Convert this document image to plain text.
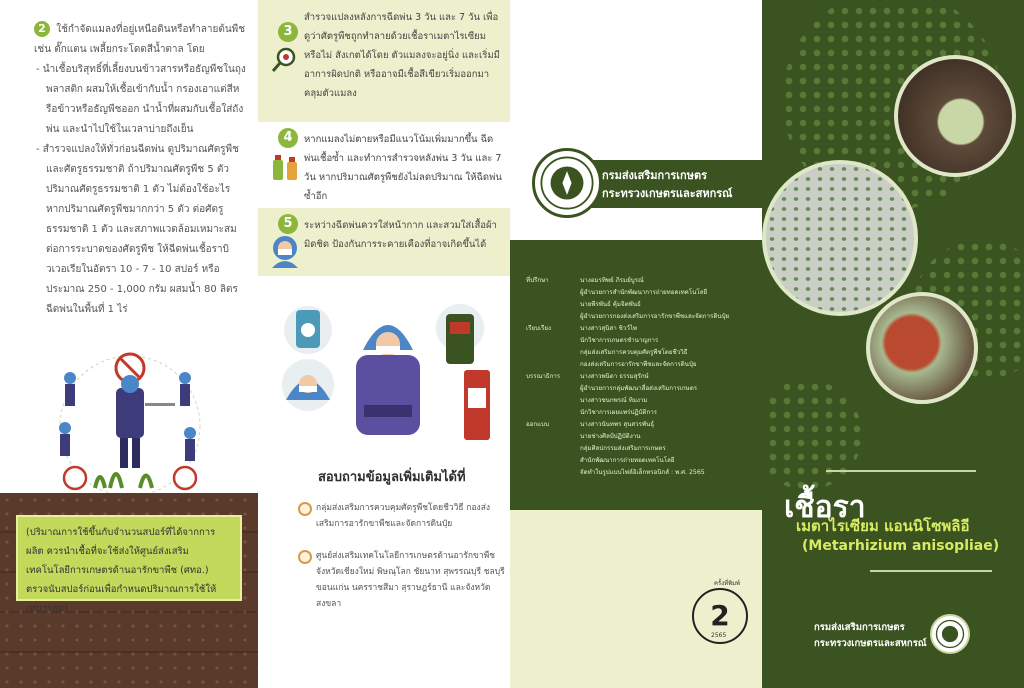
2 ใช้กำจัดแมลงที่อยู่เหนือดินหรือทำลายต้นพืช เช่น ตั๊กแตน เพลี้ยกระโดดสีน้ำตาล โดย
- นำเชื้อบริสุทธิ์ที่เลี้ยงบนข้าวสารหรือธัญพืชในถุงพลาสติก ผสมให้เชื้อเข้ากับน้ำ กรองเอาแต่สีหรือข้าวหรือธัญพืชออก นำน้ำที่ผสมกับเชื้อใส่ถังพ่น และนำไปใช้ในเวลาบ่ายถึงเย็น
- สำรวจแปลงให้ทั่วก่อนฉีดพ่น ดูปริมาณศัตรูพืช และศัตรูธรรมชาติ ถ้าปริมาณศัตรูพืช 5 ตัว ปริมาณศัตรูธรรมชาติ 1 ตัว ไม่ต้องใช้อะไร หากปริมาณศัตรูพืชมากกว่า 5 ตัว ต่อศัตรูธรรมชาติ 1 ตัว และสภาพแวดล้อมเหมาะสมต่อการระบาดของศัตรูพืช ให้ฉีดพ่นเชื้อราบิวเวอเรียในอัตรา 10 - 7 - 10 สปอร์ หรือประมาณ 250 - 1,000 กรัม ผสมน้ำ 80 ลิตร ฉีดพ่นในพื้นที่ 1 ไร่
(ปริมาณการใช้ขึ้นกับจำนวนสปอร์ที่ได้จากการผลิต ควรนำเชื้อที่จะใช้ส่งให้ศูนย์ส่งเสริมเทคโนโลยีการเกษตรด้านอารักขาพืช (ศทอ.) ตรวจนับสปอร์ก่อนเพื่อกำหนดปริมาณการใช้ให้เหมาะสม)
3
สำรวจแปลงหลังการฉีดพ่น 3 วัน และ 7 วัน เพื่อดูว่าศัตรูพืชถูกทำลายด้วยเชื้อราเมตาไรเซียมหรือไม่ สังเกตได้โดย ตัวแมลงจะอยู่นิ่ง และเริ่มมีอาการผิดปกติ หรืออาจมีเชื้อสีเขียวเริ่มออกมาคลุมตัวแมลง
4	หากแมลงไม่ตายหรือมีแนวโน้มเพิ่มมากขึ้น ฉีดพ่นเชื้อซ้ำ และทำการสำรวจหลังพ่น 3 วัน และ 7 วัน หากปริมาณศัตรูพืชยังไม่ลดปริมาณ ให้ฉีดพ่นซ้ำอีก
5	ระหว่างฉีดพ่นควรใส่หน้ากาก และสวมใส่เสื้อผ้ามิดชิด ป้องกันการระคายเคืองที่อาจเกิดขึ้นได้
สอบถามข้อมูลเพิ่มเติมได้ที่
กลุ่มส่งเสริมการควบคุมศัตรูพืชโดยชีววิธี กองส่งเสริมการอารักขาพืชและจัดการดินปุ๋ย
ศูนย์ส่งเสริมเทคโนโลยีการเกษตรด้านอารักขาพืช จังหวัดเชียงใหม่ พิษณุโลก ชัยนาท สุพรรณบุรี ชลบุรี ขอนแก่น นครราชสีมา สุราษฎร์ธานี และจังหวัดสงขลา
กรมส่งเสริมการเกษตร
กระทรวงเกษตรและสหกรณ์
ที่ปรึกษา	นางอมรทิพย์ ภิรมย์บูรณ์
ผู้อำนวยการสำนักพัฒนาการถ่ายทอดเทคโนโลยี
นายพีรพันธ์ คุ้มจิตพันธ์
ผู้อำนวยการกองส่งเสริมการอารักขาพืชและจัดการดินปุ๋ย
เรียบเรียง	นางสาวสุนิสา ชิวว์ไพ
นักวิชาการเกษตรชำนาญการ
กลุ่มส่งเสริมการควบคุมศัตรูพืชโดยชีววิธี
กองส่งเสริมการอารักขาพืชและจัดการดินปุ๋ย
บรรณาธิการ	นางสาวพนิดา ธรรมสุรักษ์
ผู้อำนวยการกลุ่มพัฒนาสื่อส่งเสริมการเกษตร
นางสาวชนกพรณ์ ทิมงาม
นักวิชาการเผยแพร่ปฏิบัติการ
ออกแบบ	นางสาวนันทพร สุนสวรพันธุ์
นายช่างศิลป์ปฏิบัติงาน
กลุ่มศิลปกรรมส่งเสริมการเกษตร
สำนักพัฒนาการถ่ายทอดเทคโนโลยี
จัดทำในรูปแบบไฟล์อิเล็กทรอนิกส์ : พ.ศ. 2565
ครั้งที่พิมพ์
2
2565
เชื้อรา
เมตาไรเซียม แอนนิโซพลิอี
(Metarhizium anisopliae)
กรมส่งเสริมการเกษตร
กระทรวงเกษตรและสหกรณ์
